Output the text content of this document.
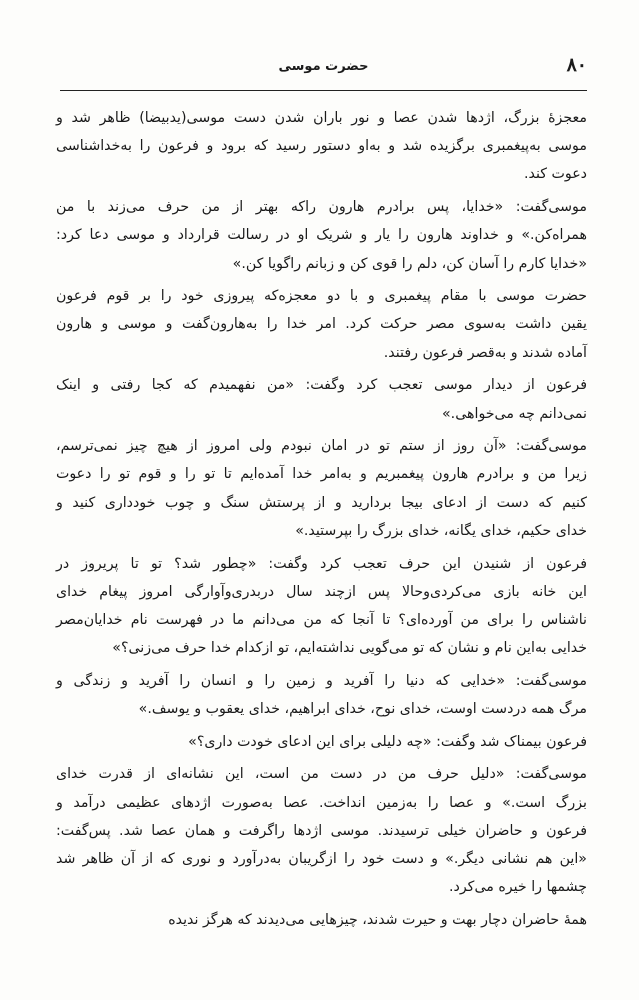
۸۰
حضرت موسی

معجزهٔ بزرگ، اژدها شدن عصا و نور باران شدن دست موسی(یدبیضا) ظاهر شد و
موسی به‌پیغمبری برگزیده شد و به‌او دستور رسید که برود و فرعون را به‌خداشناسی
دعوت کند.

موسی‌گفت: «خدایا، پس برادرم هارون راکه بهتر از من حرف می‌زند با من
همراه‌کن.» و خداوند هارون را یار و شریک او در رسالت قرارداد و موسی دعا کرد:
«خدایا کارم را آسان کن، دلم را قوی کن و زبانم راگویا کن.»

حضرت موسی با مقام پیغمبری و با دو معجزه‌که پیروزی خود را بر قوم فرعون
یقین داشت به‌سوی مصر حرکت کرد. امر خدا را به‌هارون‌گفت و موسی و هارون
آماده شدند و به‌قصر فرعون رفتند.

فرعون از دیدار موسی تعجب کرد وگفت: «من نفهمیدم که کجا رفتی و اینک
نمی‌دانم چه می‌خواهی.»

موسی‌گفت: «آن روز از ستم تو در امان نبودم ولی امروز از هیچ چیز نمی‌ترسم،
زیرا من و برادرم هارون پیغمبریم و به‌امر خدا آمده‌ایم تا تو را و قوم تو را دعوت
کنیم که دست از ادعای بیجا بردارید و از پرستش سنگ و چوب خودداری کنید و
خدای حکیم، خدای یگانه، خدای بزرگ را بپرستید.»

فرعون از شنیدن این حرف تعجب کرد وگفت: «چطور شد؟ تو تا پریروز در
این خانه بازی می‌کردی‌وحالا پس ازچند سال دربدری‌وآوارگی امروز پیغام خدای
ناشناس را برای من آورده‌ای؟ تا آنجا که من می‌دانم ما در فهرست نام خدایان‌مصر
خدایی به‌این نام و نشان که تو می‌گویی نداشته‌ایم، تو ازکدام خدا حرف می‌زنی؟»

موسی‌گفت: «خدایی که دنیا را آفرید و زمین را و انسان را آفرید و زندگی و
مرگ همه دردست اوست، خدای نوح، خدای ابراهیم، خدای یعقوب و یوسف.»

فرعون بیمناک شد وگفت: «چه دلیلی برای این ادعای خودت داری؟»

موسی‌گفت: «دلیل حرف من در دست من است، این نشانه‌ای از قدرت خدای
بزرگ است.» و عصا را به‌زمین انداخت. عصا به‌صورت اژدهای عظیمی درآمد و
فرعون و حاضران خیلی ترسیدند. موسی اژدها راگرفت و همان عصا شد. پس‌گفت:
«این هم نشانی دیگر.» و دست خود را ازگریبان به‌درآورد و نوری که از آن ظاهر شد
چشمها را خیره می‌کرد.

همهٔ حاضران دچار بهت و حیرت شدند، چیزهایی می‌دیدند که هرگز ندیده
